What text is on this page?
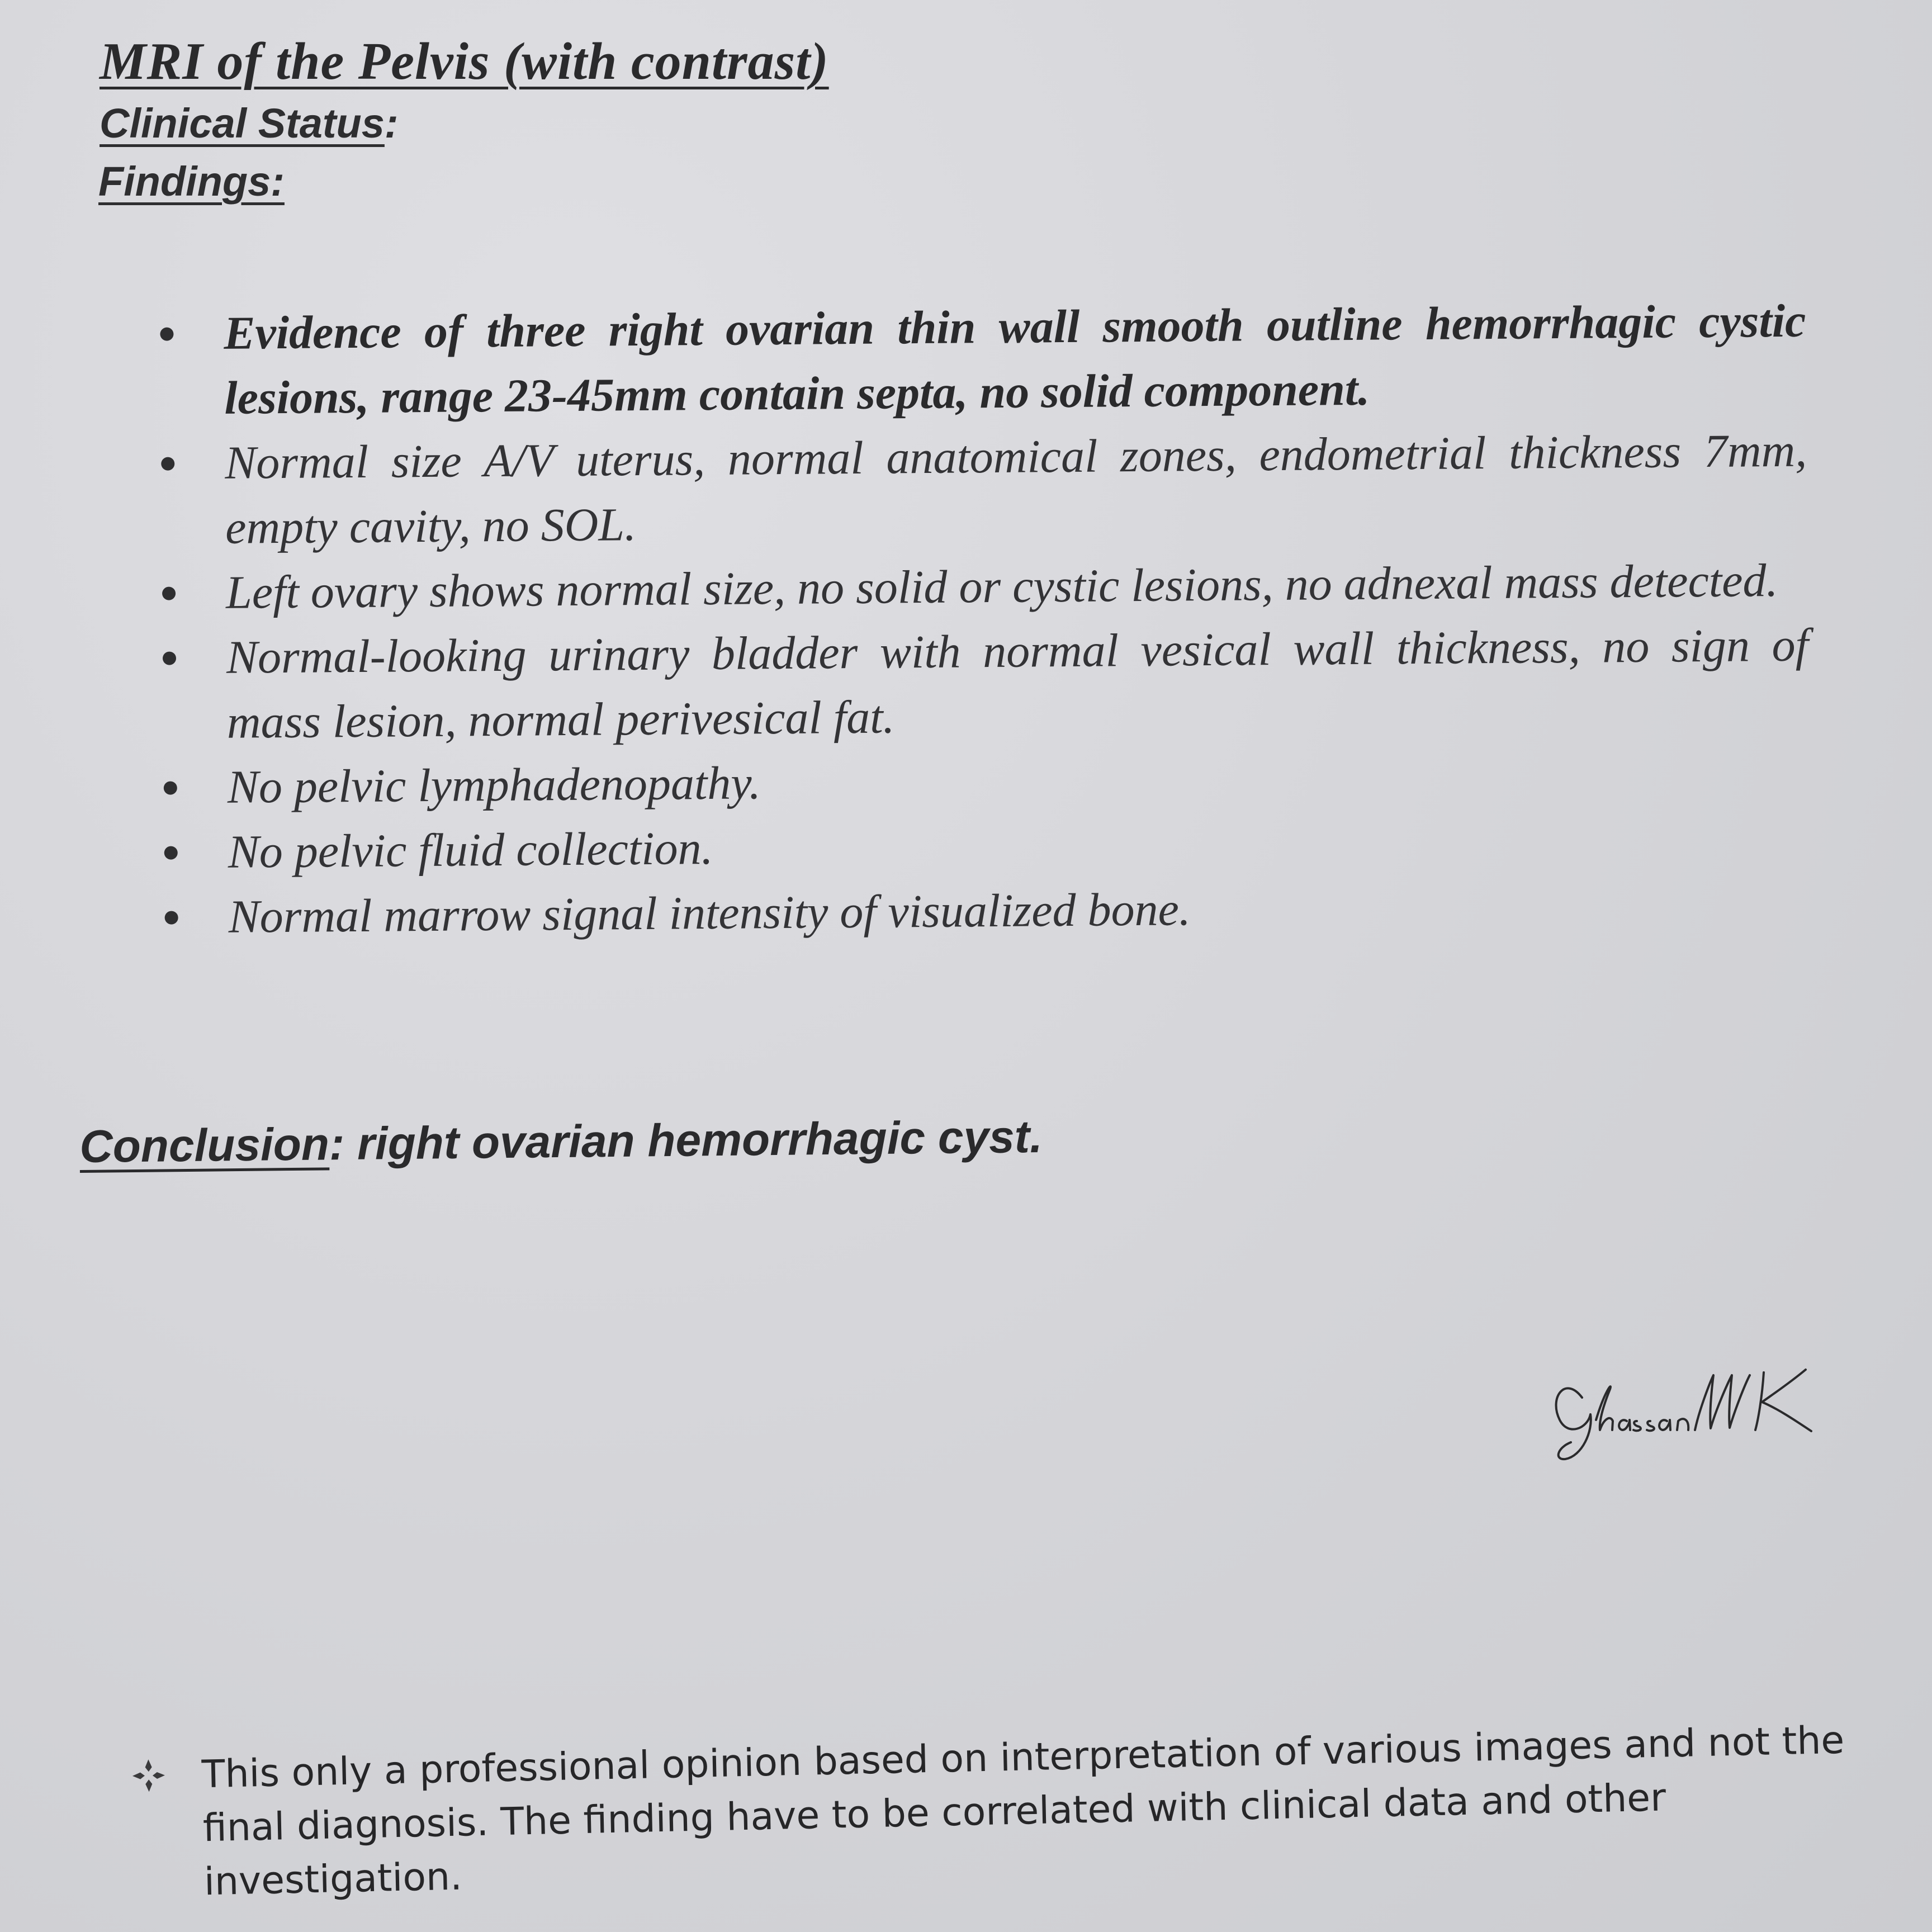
MRI of the Pelvis (with contrast)
Clinical Status:
Findings:
Evidence of three right ovarian thin wall smooth outline hemorrhagic cystic lesions, range 23-45mm contain septa, no solid component.
Normal size A/V uterus, normal anatomical zones, endometrial thickness 7mm, empty cavity, no SOL.
Left ovary shows normal size, no solid or cystic lesions, no adnexal mass detected.
Normal-looking urinary bladder with normal vesical wall thickness, no sign of mass lesion, normal perivesical fat.
No pelvic lymphadenopathy.
No pelvic fluid collection.
Normal marrow signal intensity of visualized bone.
Conclusion: right ovarian hemorrhagic cyst.

This only a professional opinion based on interpretation of various images and not the final diagnosis. The finding have to be correlated with clinical data and other investigation.
